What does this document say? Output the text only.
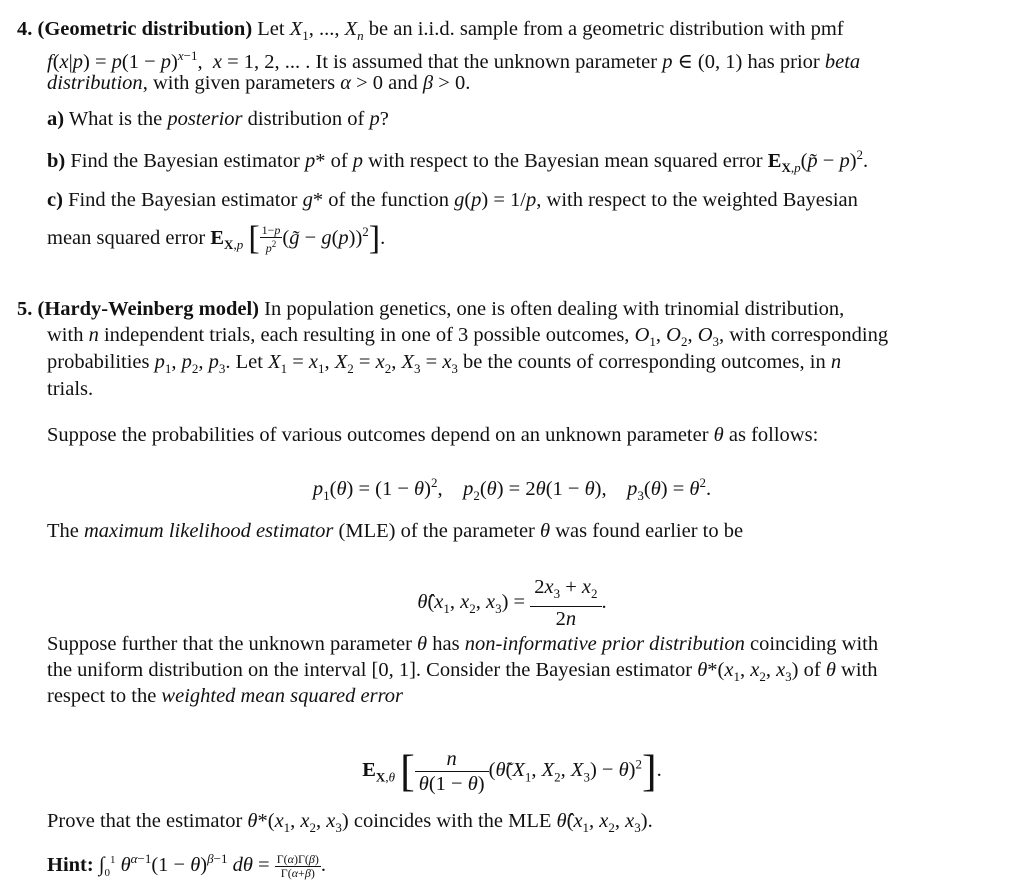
4. (Geometric distribution) Let $X_1$, ..., $X_n$ be an i.i.d. sample from a geometric distribution with pmf
$f(x|p) = p(1 - p)^{x-1}$,  x = 1, 2, ... . It is assumed that the unknown parameter p ∈ (0, 1) has prior beta
distribution, with given parameters α > 0 and β > 0.
a) What is the posterior distribution of p?
b) Find the Bayesian estimator p* of p with respect to the Bayesian mean squared error $E_{X,p}(p̃ - p)^2$.
c) Find the Bayesian estimator g* of the function g(p) = 1/p, with respect to the weighted Bayesian
mean squared error $E_{X,p}$ [ $\frac{1-p}{p^2}$ (g̃ − g(p))$^2$].
5. (Hardy-Weinberg model) In population genetics, one is often dealing with trinomial distribution,
with n independent trials, each resulting in one of 3 possible outcomes, $O_1$, $O_2$, $O_3$, with corresponding
probabilities $p_1$, $p_2$, $p_3$. Let $X_1 = x_1$, $X_2 = x_2$, $X_3 = x_3$ be the counts of corresponding outcomes, in n
trials.
Suppose the probabilities of various outcomes depend on an unknown parameter θ as follows:
$p_1(\theta) = (1 - \theta)^2$,    $p_2(\theta) = 2\theta(1 - \theta)$,    $p_3(\theta) = \theta^2$.
The maximum likelihood estimator (MLE) of the parameter θ was found earlier to be
$\thetâ(x_1$, $x_2$, $x_3) = \frac{2x_3 + x_2}{2n}$ .
Suppose further that the unknown parameter θ has non-informative prior distribution coinciding with
the uniform distribution on the interval [0, 1]. Consider the Bayesian estimator $\theta*(x_1$, $x_2$, $x_3$) of θ with
respect to the weighted mean squared error
$E_{X,\theta}$ [ $\frac{n}{\theta(1 - \theta)}$ ($\thetã(X_1$, $X_2$, $X_3) - \theta)^2$].
Prove that the estimator $\theta*(x_1$, $x_2$, $x_3$) coincides with the MLE $\thetâ(x_1$, $x_2$, $x_3$).
Hint: $\int_0^1$ $\theta^{\alpha-1}(1 - \theta)^{\beta-1}$ $d\theta = \frac{\Gamma(\alpha)\Gamma(\beta)}{\Gamma(\alpha+\beta)}$ .
